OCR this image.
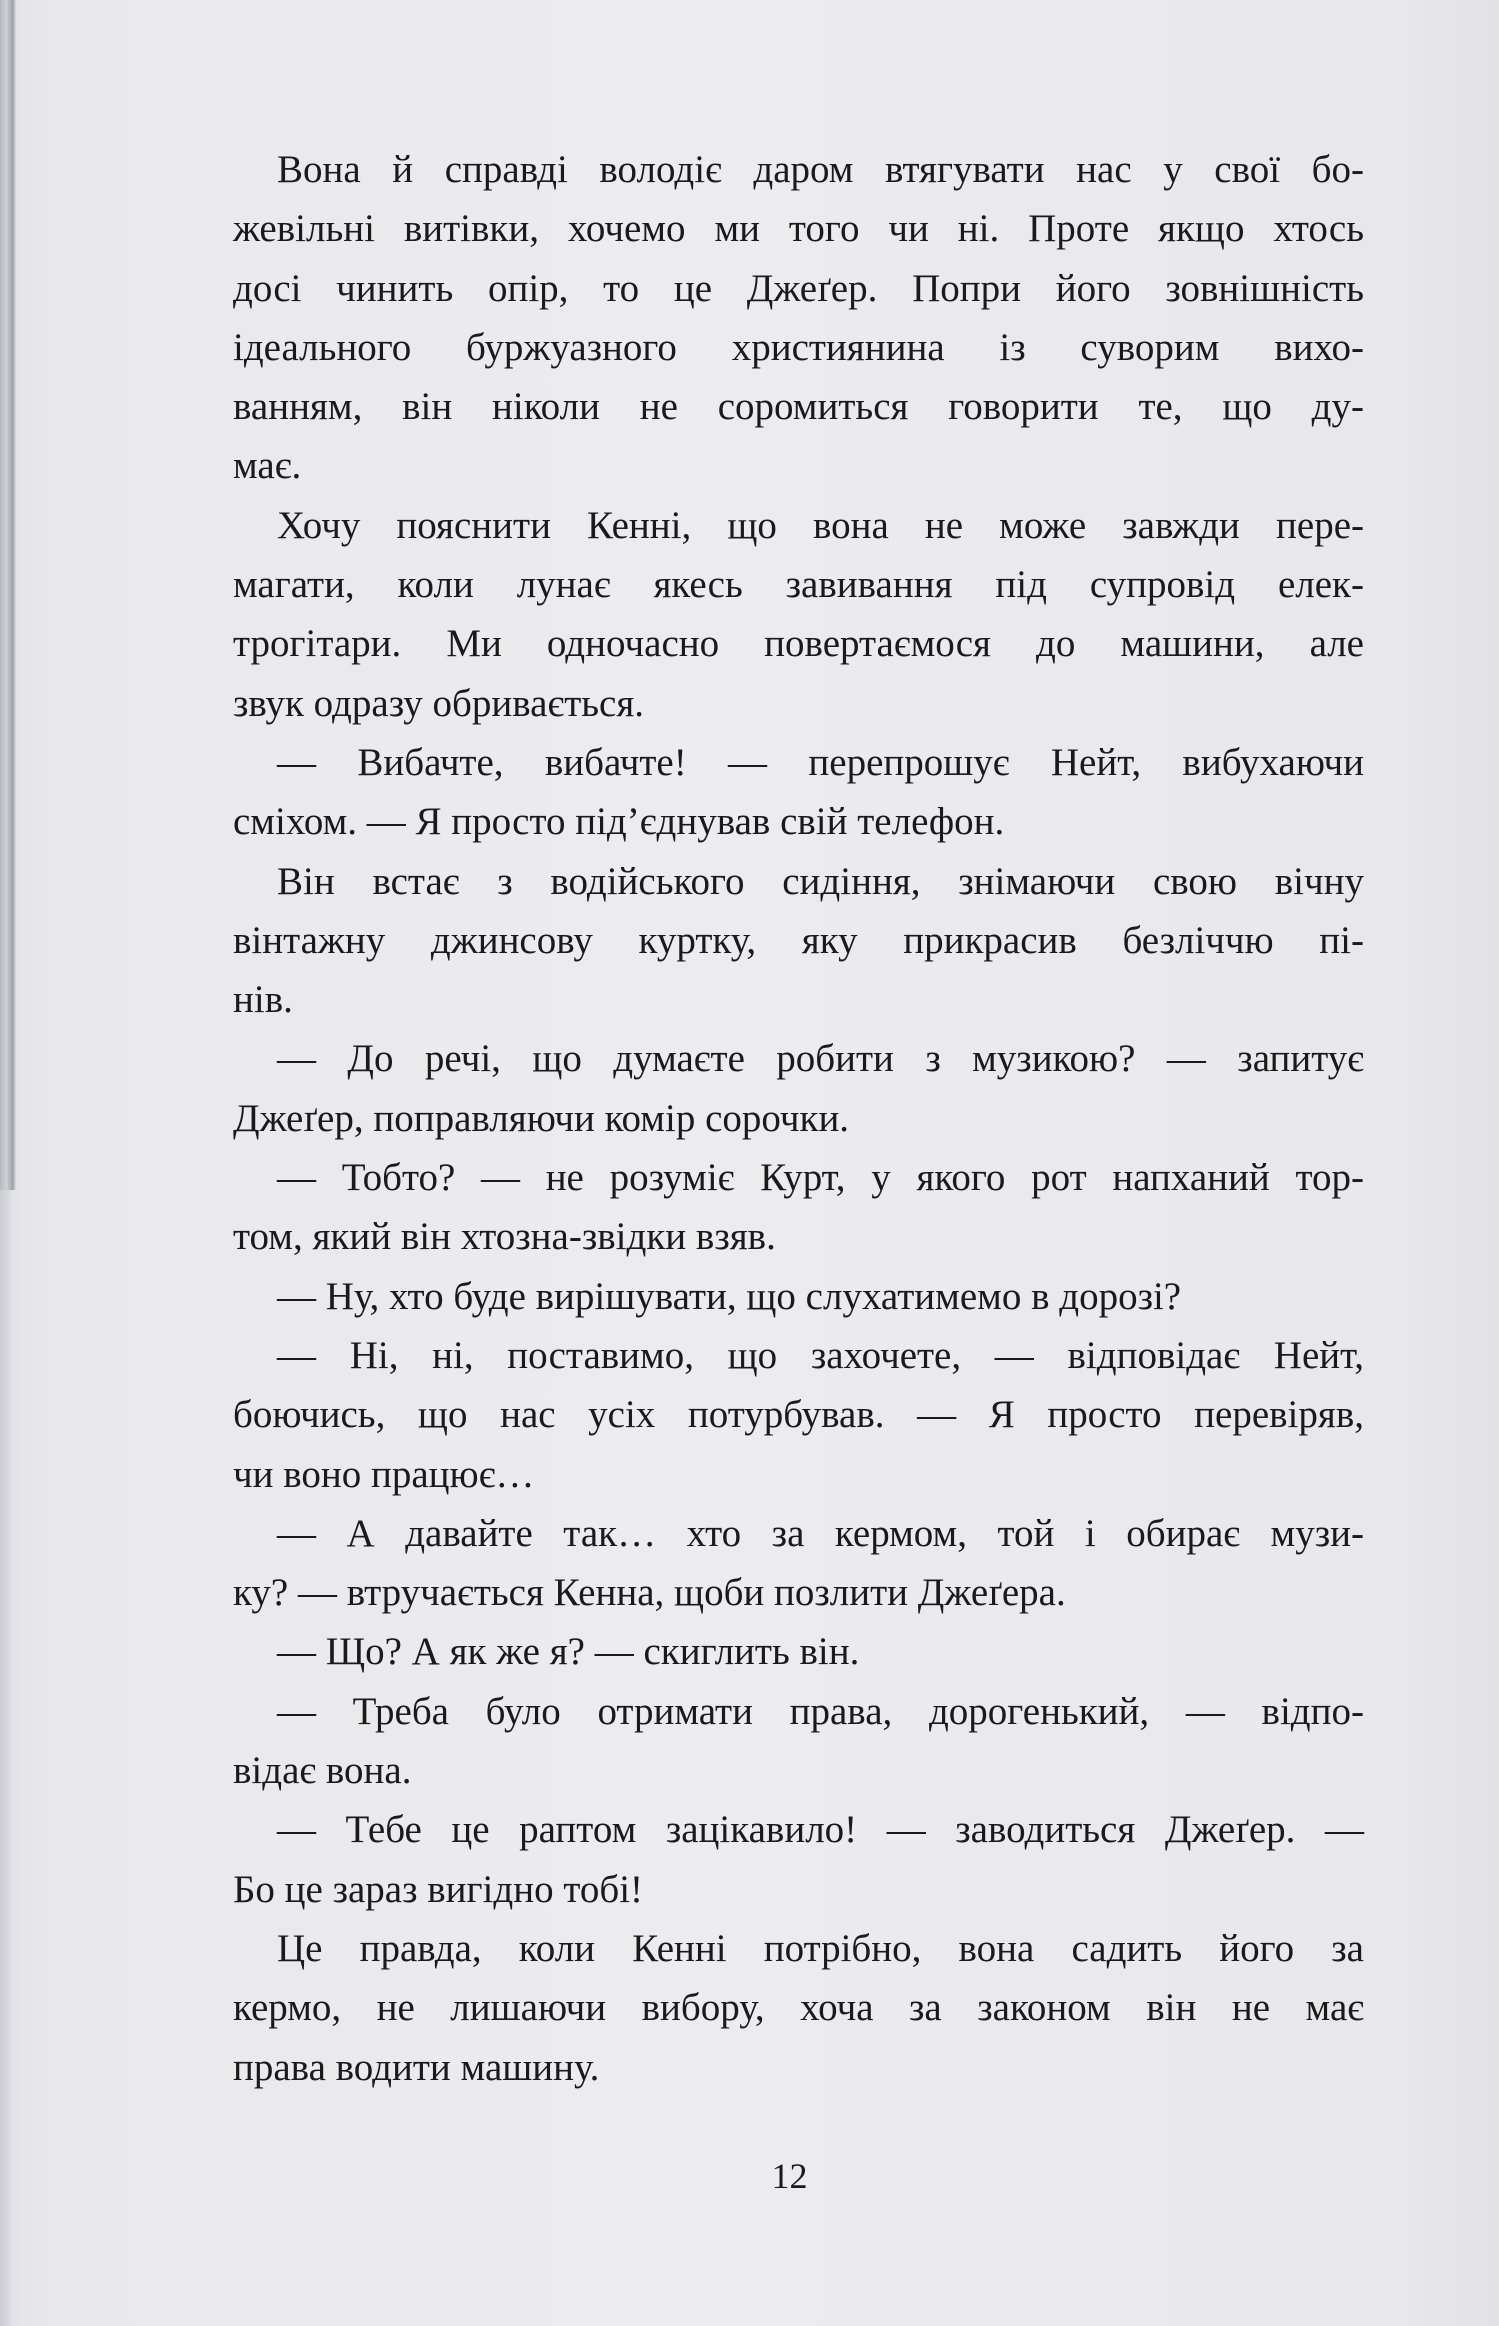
Вона й справді володіє даром втягувати нас у свої бо-
жевільні витівки, хочемо ми того чи ні. Проте якщо хтось
досі чинить опір, то це Джеґер. Попри його зовнішність
ідеального буржуазного християнина із суворим вихо-
ванням, він ніколи не соромиться говорити те, що ду-
має.
Хочу пояснити Кенні, що вона не може завжди пере-
магати, коли лунає якесь завивання під супровід елек-
трогітари. Ми одночасно повертаємося до машини, але
звук одразу обривається.
— Вибачте, вибачте! — перепрошує Нейт, вибухаючи
сміхом. — Я просто під’єднував свій телефон.
Він встає з водійського сидіння, знімаючи свою вічну
вінтажну джинсову куртку, яку прикрасив безліччю пі-
нів.
— До речі, що думаєте робити з музикою? — запитує
Джеґер, поправляючи комір сорочки.
— Тобто? — не розуміє Курт, у якого рот напханий тор-
том, який він хтозна-звідки взяв.
— Ну, хто буде вирішувати, що слухатимемо в дорозі?
— Ні, ні, поставимо, що захочете, — відповідає Нейт,
боючись, що нас усіх потурбував. — Я просто перевіряв,
чи воно працює…
— А давайте так… хто за кермом, той і обирає музи-
ку? — втручається Кенна, щоби позлити Джеґера.
— Що? А як же я? — скиглить він.
— Треба було отримати права, дорогенький, — відпо-
відає вона.
— Тебе це раптом зацікавило! — заводиться Джеґер. —
Бо це зараз вигідно тобі!
Це правда, коли Кенні потрібно, вона садить його за
кермо, не лишаючи вибору, хоча за законом він не має
права водити машину.
12
